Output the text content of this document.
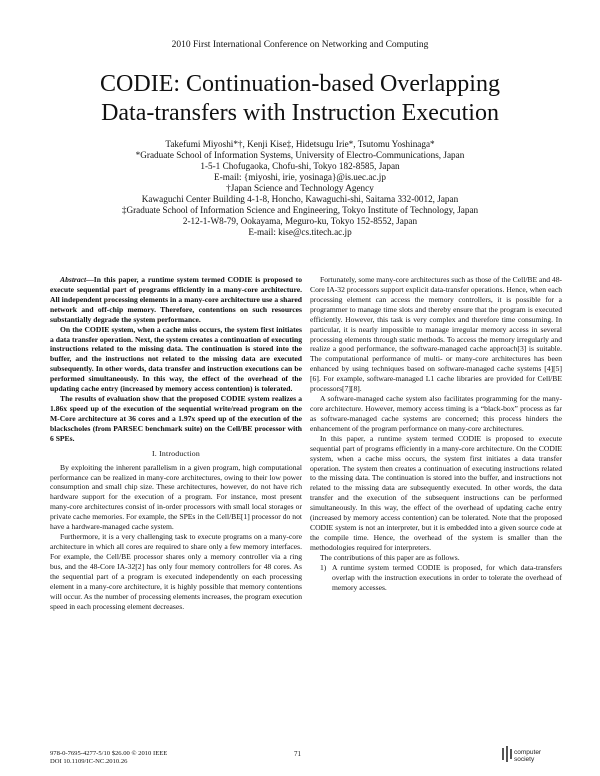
2010 First International Conference on Networking and Computing
CODIE: Continuation-based Overlapping
Data-transfers with Instruction Execution
Takefumi Miyoshi*†, Kenji Kise‡, Hidetsugu Irie*, Tsutomu Yoshinaga*
*Graduate School of Information Systems, University of Electro-Communications, Japan
1-5-1 Chofugaoka, Chofu-shi, Tokyo 182-8585, Japan
E-mail: {miyoshi, irie, yosinaga}@is.uec.ac.jp
†Japan Science and Technology Agency
Kawaguchi Center Building 4-1-8, Honcho, Kawaguchi-shi, Saitama 332-0012, Japan
‡Graduate School of Information Science and Engineering, Tokyo Institute of Technology, Japan
2-12-1-W8-79, Ookayama, Meguro-ku, Tokyo 152-8552, Japan
E-mail: kise@cs.titech.ac.jp

Abstract—In this paper, a runtime system termed CODIE is proposed to execute sequential part of programs efficiently in a many-core architecture. All independent processing elements in a many-core architecture use a shared network and off-chip memory. Therefore, contentions on such resources substantially degrade the system performance.

On the CODIE system, when a cache miss occurs, the system first initiates a data transfer operation. Next, the system creates a continuation of executing instructions related to the missing data. The continuation is stored into the buffer, and the instructions not related to the missing data are executed subsequently. In other words, data transfer and instruction executions can be performed simultaneously. In this way, the effect of the overhead of the updating cache entry (increased by memory access contention) is tolerated.

The results of evaluation show that the proposed CODIE system realizes a 1.86x speed up of the execution of the sequential write/read program on the M-Core architecture at 36 cores and a 1.97x speed up of the execution of the blackscholes (from PARSEC benchmark suite) on the Cell/BE processor with 6 SPEs.

I. Introduction

By exploiting the inherent parallelism in a given program, high computational performance can be realized in many-core architectures, owing to their low power consumption and small chip size. These architectures, however, do not have rich hardware support for the execution of a program. For instance, most present many-core architectures consist of in-order processors with small local storages or private cache memories. For example, the SPEs in the Cell/BE[1] processor do not have a hardware-managed cache system.

Furthermore, it is a very challenging task to execute programs on a many-core architecture in which all cores are required to share only a few memory interfaces. For example, the Cell/BE processor shares only a memory controller via a ring bus, and the 48-Core IA-32[2] has only four memory controllers for 48 cores. As the sequential part of a program is executed independently on each processing element in a many-core architecture, it is highly possible that memory contentions will occur. As the number of processing elements increases, the program execution speed in each processing element decreases.

Fortunately, some many-core architectures such as those of the Cell/BE and 48-Core IA-32 processors support explicit data-transfer operations. Hence, when each processing element can access the memory controllers, it is possible for a programmer to manage time slots and thereby ensure that the program is executed efficiently. However, this task is very complex and therefore time consuming. In particular, it is nearly impossible to manage irregular memory access in several processing elements through static methods. To access the memory irregularly and realize a good performance, the software-managed cache approach[3] is suitable. The computational performance of multi- or many-core architectures has been enhanced by using techniques based on software-managed cache systems [4][5][6]. For example, software-managed L1 cache libraries are provided for Cell/BE processors[7][8].

A software-managed cache system also facilitates programming for the many-core architecture. However, memory access timing is a “black-box” process as far as software-managed cache systems are concerned; this process hinders the enhancement of the program performance on many-core architectures.

In this paper, a runtime system termed CODIE is proposed to execute sequential part of programs efficiently in a many-core architecture. On the CODIE system, when a cache miss occurs, the system first initiates a data transfer operation. The system then creates a continuation of executing instructions related to the missing data. The continuation is stored into the buffer, and instructions not related to the missing data are subsequently executed. In other words, the data transfer and the execution of the subsequent instructions can be performed simultaneously. In this way, the effect of the overhead of updating cache entry (increased by memory access contention) can be tolerated. Note that the proposed CODIE system is not an interpreter, but it is embedded into a given source code at the compile time. Hence, the overhead of the system is smaller than the methodologies required for interpreters.

The contributions of this paper are as follows.

1) A runtime system termed CODIE is proposed, for which data-transfers overlap with the instruction executions in order to tolerate the overhead of memory accesses.
978-0-7695-4277-5/10 $26.00 © 2010 IEEE
DOI 10.1109/IC-NC.2010.26
71	computer
society
